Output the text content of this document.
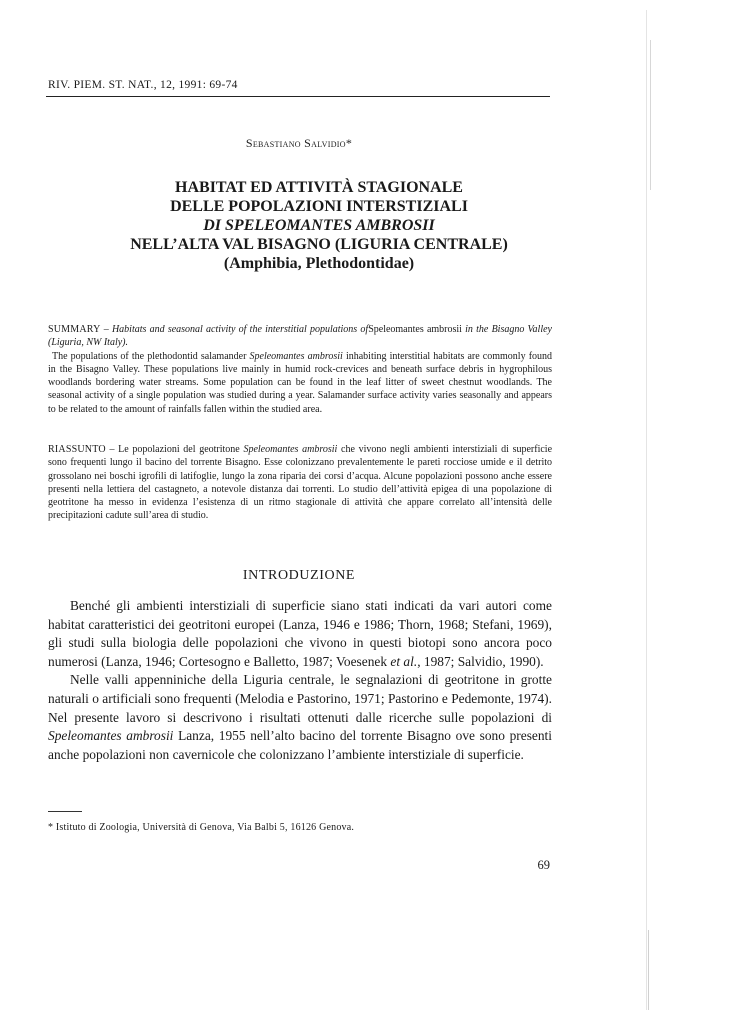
RIV. PIEM. ST. NAT., 12, 1991: 69-74
Sebastiano Salvidio*
HABITAT ED ATTIVITÀ STAGIONALE
DELLE POPOLAZIONI INTERSTIZIALI
DI SPELEOMANTES AMBROSII
NELL’ALTA VAL BISAGNO (LIGURIA CENTRALE)
(Amphibia, Plethodontidae)
SUMMARY – Habitats and seasonal activity of the interstitial populations ofSpeleomantes ambrosii in the Bisagno Valley (Liguria, NW Italy).
The populations of the plethodontid salamander Speleomantes ambrosii inhabiting interstitial habitats are commonly found in the Bisagno Valley. These populations live mainly in humid rock-crevices and beneath surface debris in hygrophilous woodlands bordering water streams. Some population can be found in the leaf litter of sweet chestnut woodlands. The seasonal activity of a single population was studied during a year. Salamander surface activity varies seasonally and appears to be related to the amount of rainfalls fallen within the studied area.
RIASSUNTO – Le popolazioni del geotritone Speleomantes ambrosii che vivono negli ambienti interstiziali di superficie sono frequenti lungo il bacino del torrente Bisagno. Esse colonizzano prevalentemente le pareti rocciose umide e il detrito grossolano nei boschi igrofili di latifoglie, lungo la zona riparia dei corsi d’acqua. Alcune popolazioni possono anche essere presenti nella lettiera del castagneto, a notevole distanza dai torrenti. Lo studio dell’attività epigea di una popolazione di geotritone ha messo in evidenza l’esistenza di un ritmo stagionale di attività che appare correlato all’intensità delle precipitazioni cadute sull’area di studio.
INTRODUZIONE

Benché gli ambienti interstiziali di superficie siano stati indicati da vari autori come habitat caratteristici dei geotritoni europei (Lanza, 1946 e 1986; Thorn, 1968; Stefani, 1969), gli studi sulla biologia delle popolazioni che vivono in questi biotopi sono ancora poco numerosi (Lanza, 1946; Cortesogno e Balletto, 1987; Voesenek et al., 1987; Salvidio, 1990).

Nelle valli appenniniche della Liguria centrale, le segnalazioni di geotritone in grotte naturali o artificiali sono frequenti (Melodia e Pastorino, 1971; Pastorino e Pedemonte, 1974). Nel presente lavoro si descrivono i risultati ottenuti dalle ricerche sulle popolazioni di Speleomantes ambrosii Lanza, 1955 nell’alto bacino del torrente Bisagno ove sono presenti anche popolazioni non cavernicole che colonizzano l’ambiente interstiziale di superficie.

* Istituto di Zoologia, Università di Genova, Via Balbi 5, 16126 Genova.
69
